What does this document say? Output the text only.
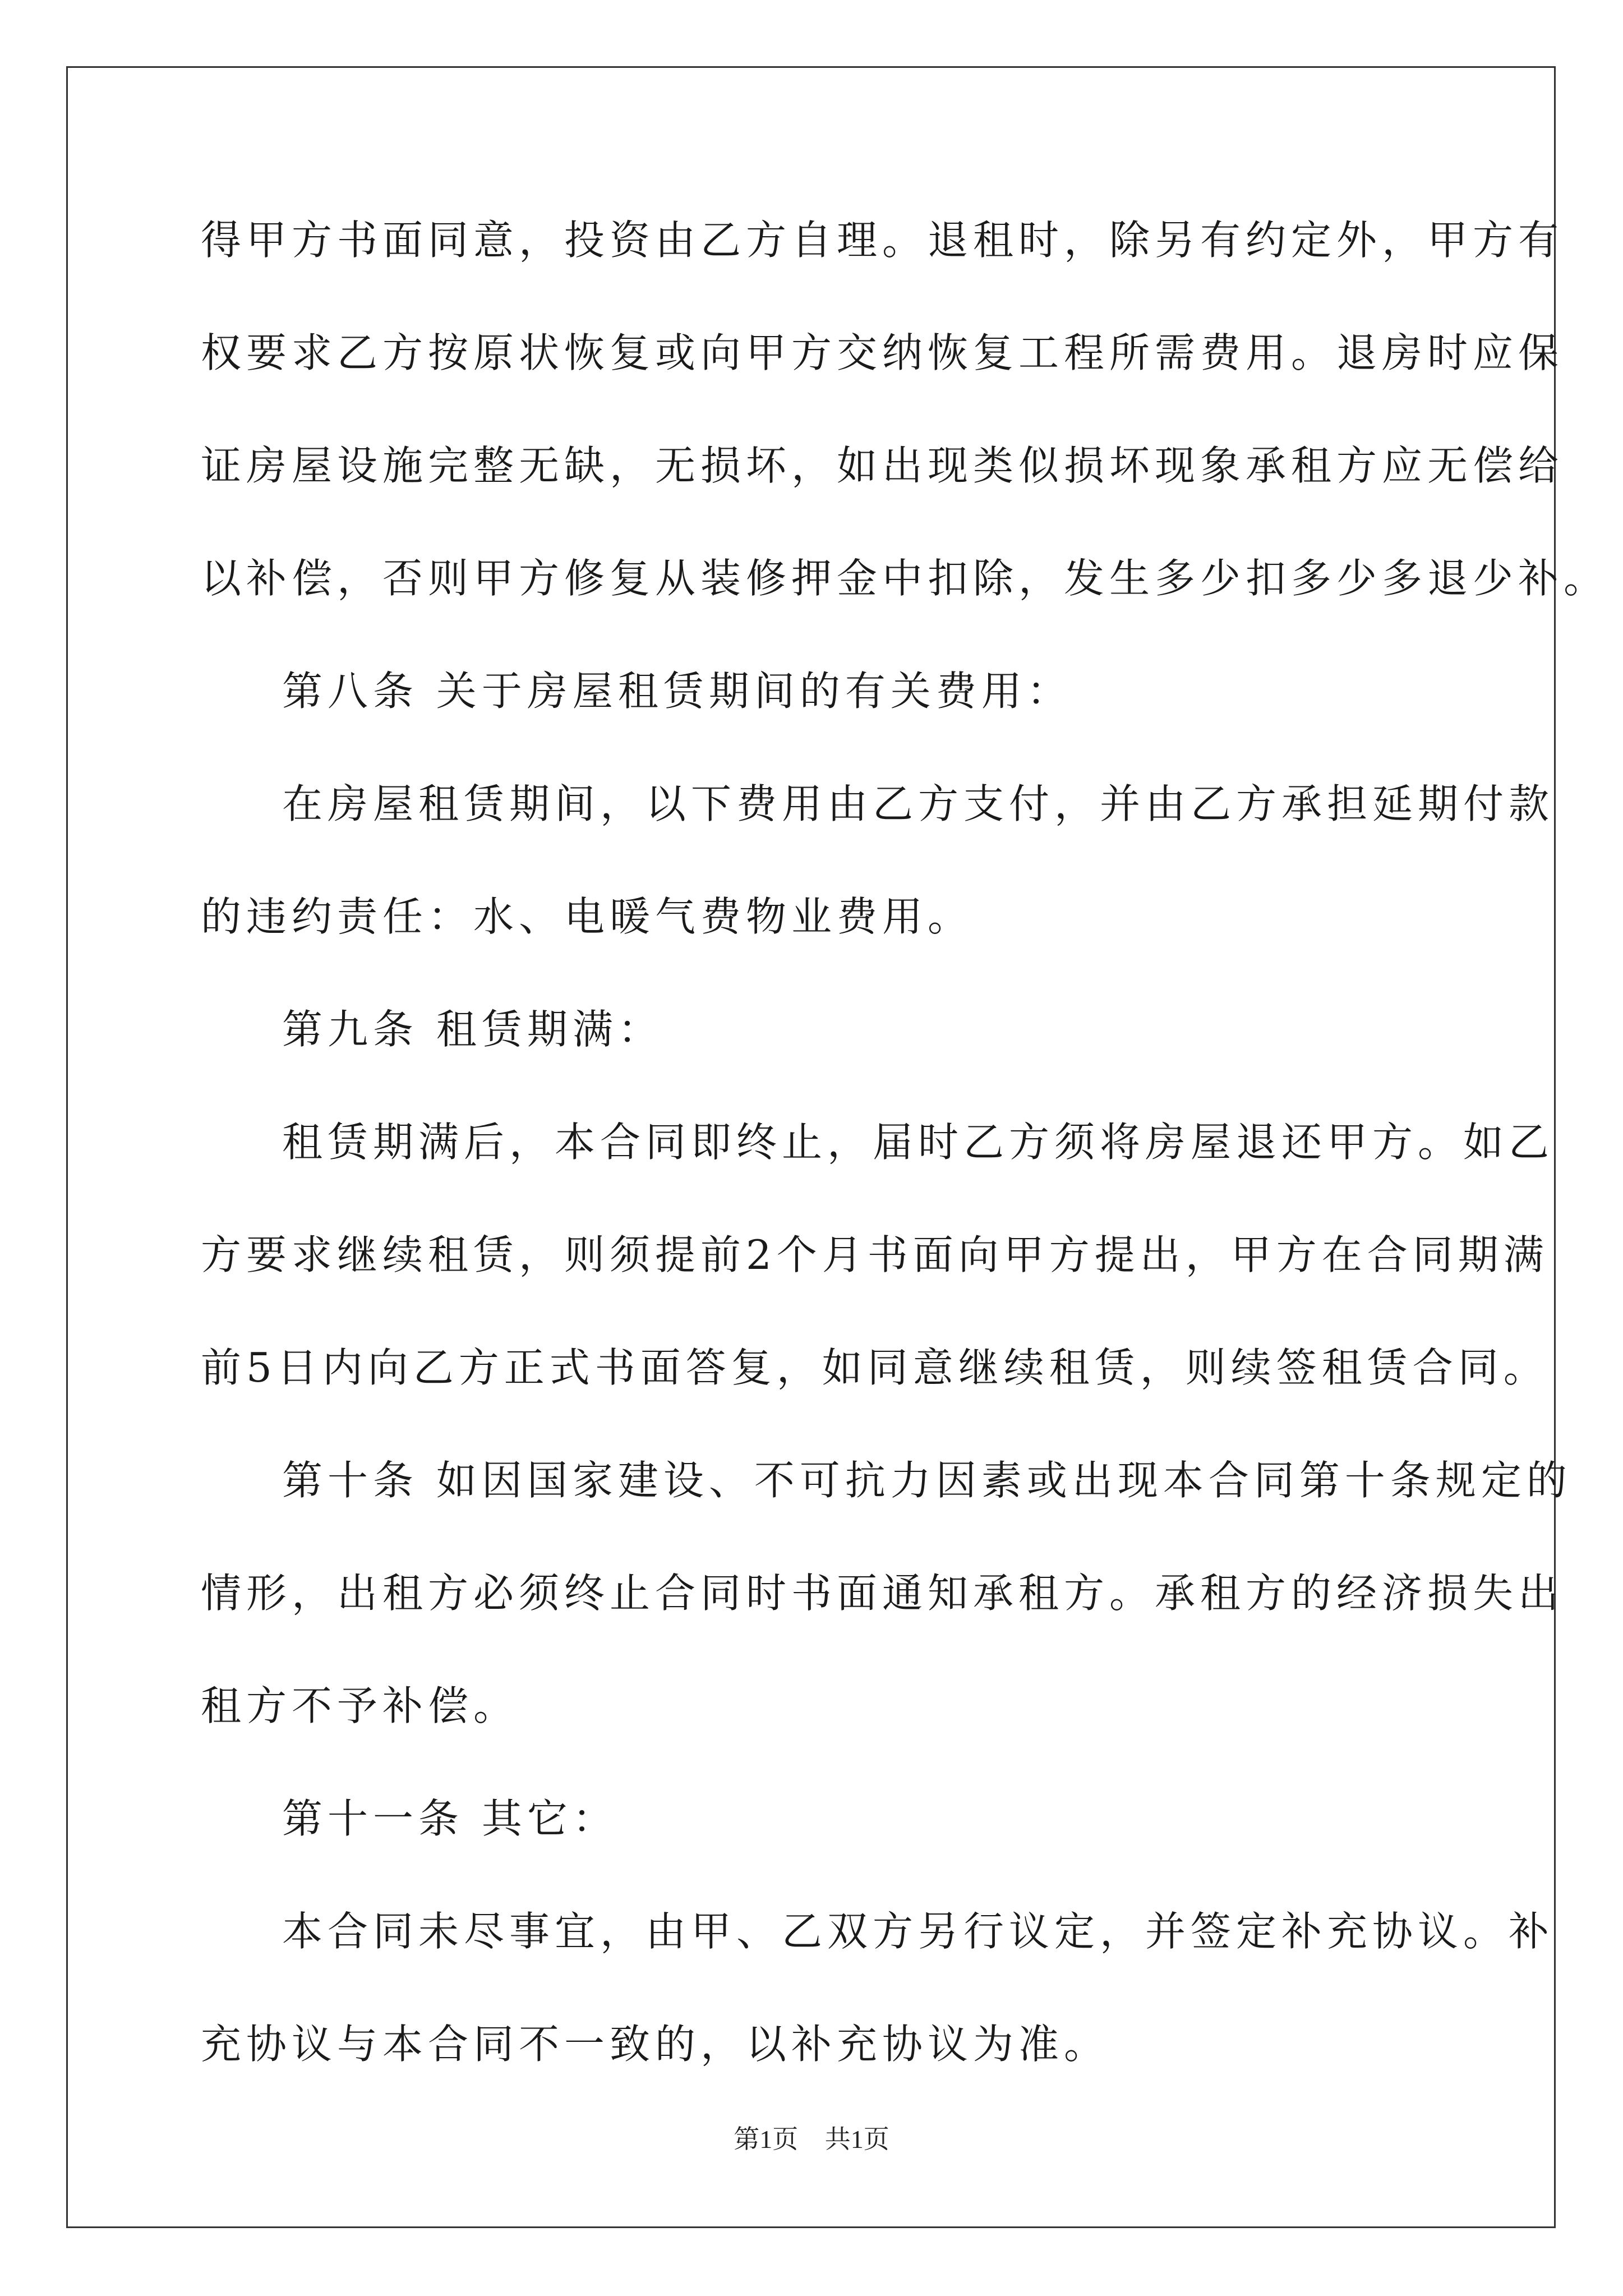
得甲方书面同意，投资由乙方自理。退租时，除另有约定外，甲方有
权要求乙方按原状恢复或向甲方交纳恢复工程所需费用。退房时应保
证房屋设施完整无缺，无损坏，如出现类似损坏现象承租方应无偿给
以补偿，否则甲方修复从装修押金中扣除，发生多少扣多少多退少补。
第八条 关于房屋租赁期间的有关费用：
在房屋租赁期间，以下费用由乙方支付，并由乙方承担延期付款
的违约责任：水、电暖气费物业费用。
第九条 租赁期满：
租赁期满后，本合同即终止，届时乙方须将房屋退还甲方。如乙
方要求继续租赁，则须提前2个月书面向甲方提出，甲方在合同期满
前5日内向乙方正式书面答复，如同意继续租赁，则续签租赁合同。
第十条 如因国家建设、不可抗力因素或出现本合同第十条规定的
情形，出租方必须终止合同时书面通知承租方。承租方的经济损失出
租方不予补偿。
第十一条 其它：
本合同未尽事宜，由甲、乙双方另行议定，并签定补充协议。补
充协议与本合同不一致的，以补充协议为准。
第1页 共1页
